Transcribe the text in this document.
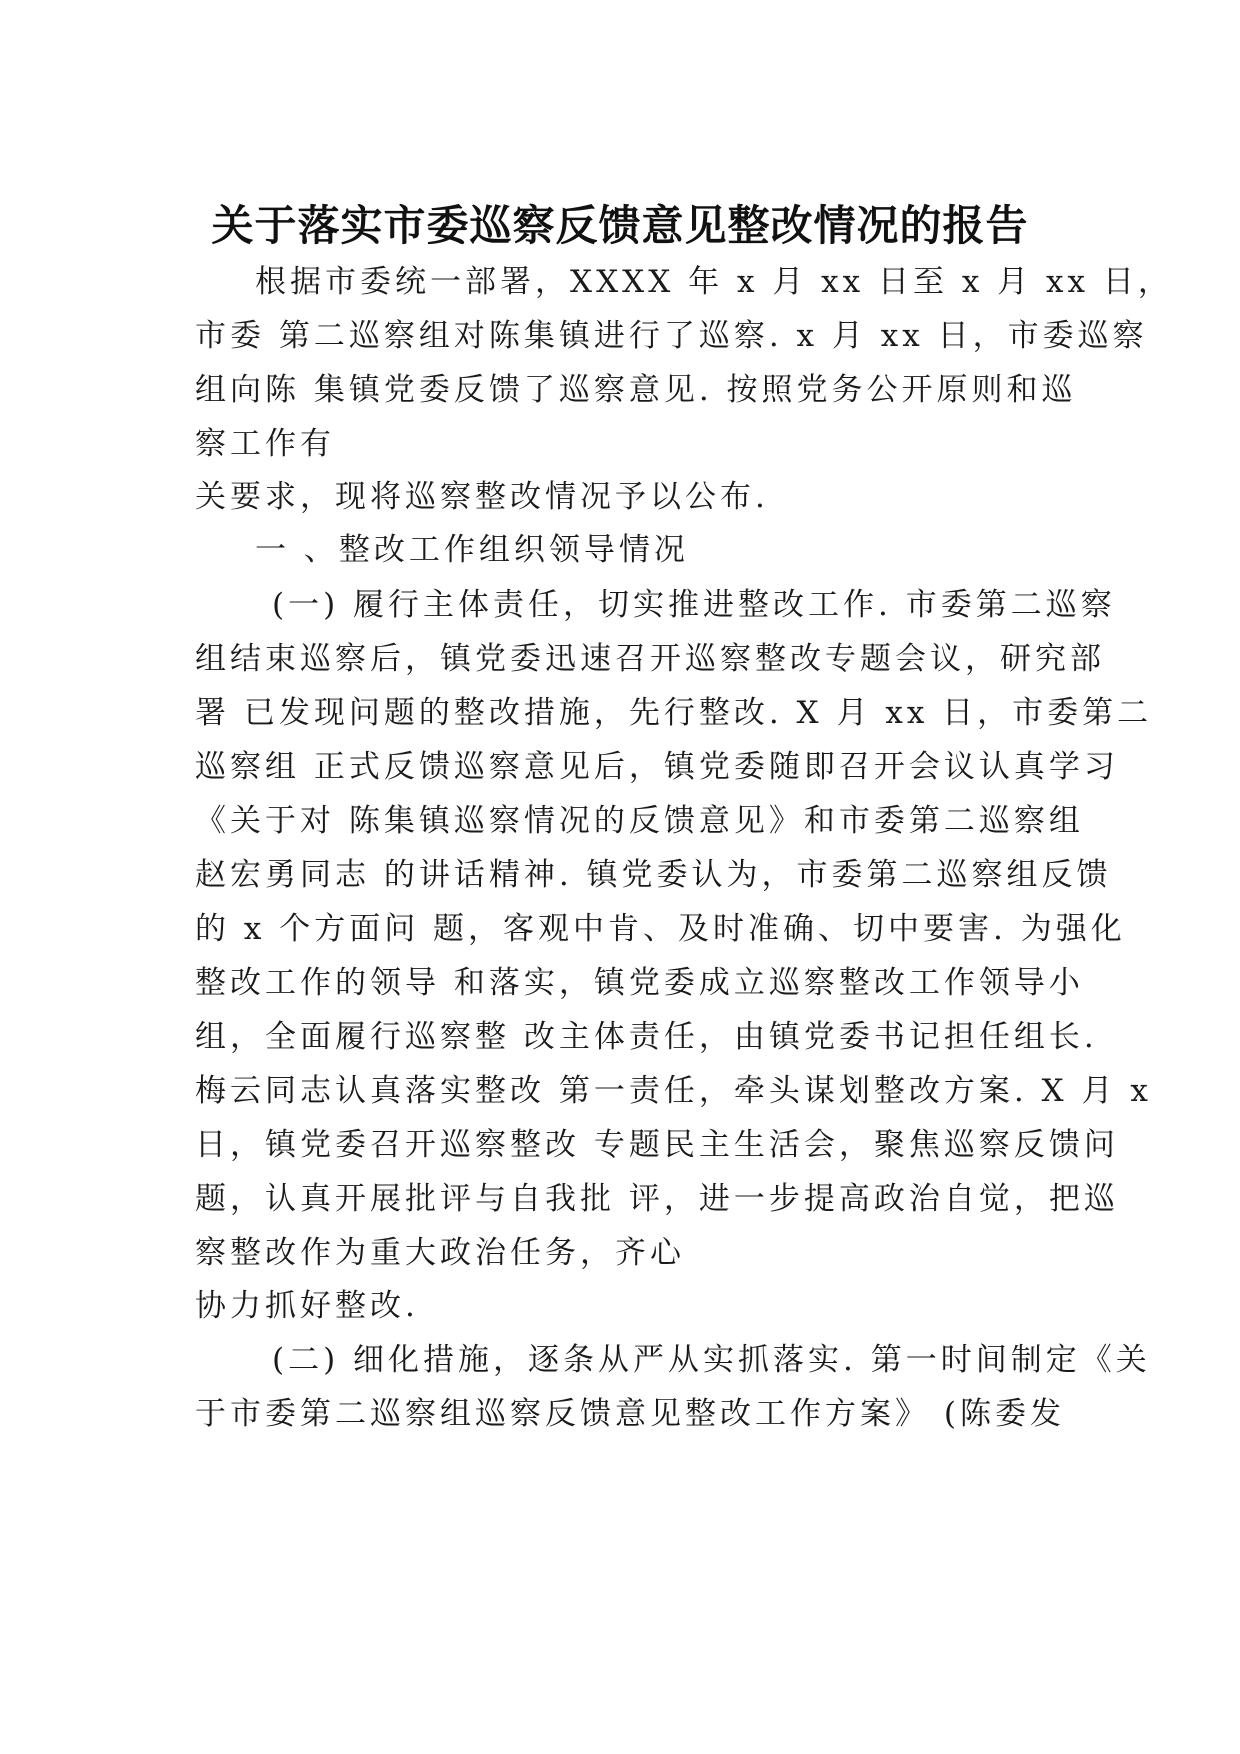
关于落实市委巡察反馈意见整改情况的报告
根据市委统一部署，XXXX 年 x 月 xx 日至 x 月 xx 日，
市委 第二巡察组对陈集镇进行了巡察. x 月 xx 日，市委巡察
组向陈 集镇党委反馈了巡察意见. 按照党务公开原则和巡
察工作有
关要求，现将巡察整改情况予以公布.
一 、整改工作组织领导情况
(一) 履行主体责任，切实推进整改工作. 市委第二巡察
组结束巡察后，镇党委迅速召开巡察整改专题会议，研究部
署 已发现问题的整改措施，先行整改. X 月 xx 日，市委第二
巡察组 正式反馈巡察意见后，镇党委随即召开会议认真学习
《关于对 陈集镇巡察情况的反馈意见》和市委第二巡察组
赵宏勇同志 的讲话精神. 镇党委认为，市委第二巡察组反馈
的 x 个方面问 题，客观中肯、及时准确、切中要害. 为强化
整改工作的领导 和落实，镇党委成立巡察整改工作领导小
组，全面履行巡察整 改主体责任，由镇党委书记担任组长.
梅云同志认真落实整改 第一责任，牵头谋划整改方案. X 月 x
日，镇党委召开巡察整改 专题民主生活会，聚焦巡察反馈问
题，认真开展批评与自我批 评，进一步提高政治自觉，把巡
察整改作为重大政治任务，齐心
协力抓好整改.
(二) 细化措施，逐条从严从实抓落实. 第一时间制定《关
于市委第二巡察组巡察反馈意见整改工作方案》 (陈委发
